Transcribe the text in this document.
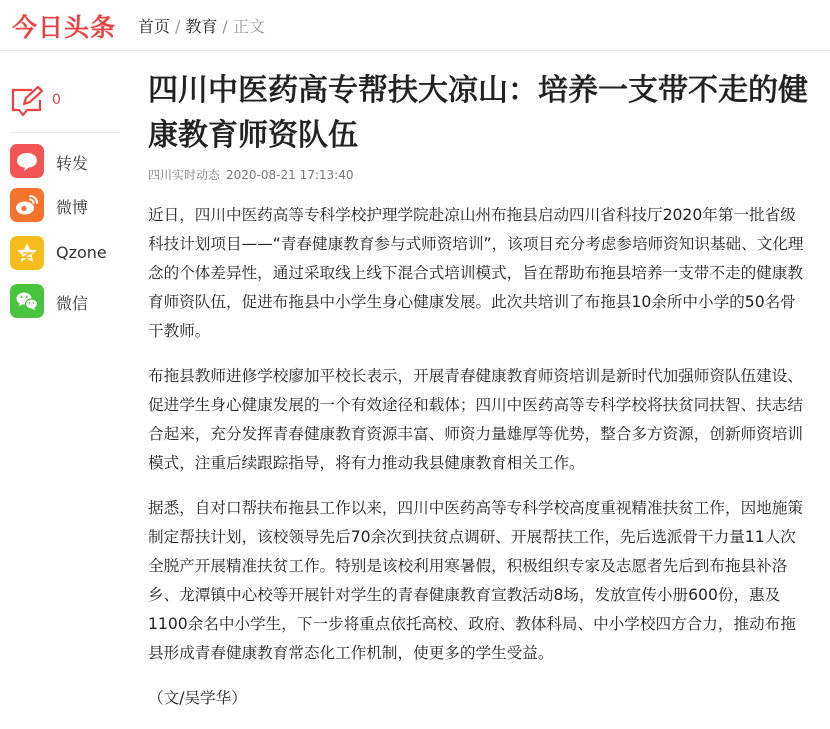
今日头条 首页 / 教育 / 正文
0
转发
微博
Qzone
微信
四川中医药高专帮扶大凉山：培养一支带不走的健康教育师资队伍
四川实时动态 2020-08-21 17:13:40

近日，四川中医药高等专科学校护理学院赴凉山州布拖县启动四川省科技厅2020年第一批省级科技计划项目——“青春健康教育参与式师资培训”，该项目充分考虑参培师资知识基础、文化理念的个体差异性，通过采取线上线下混合式培训模式，旨在帮助布拖县培养一支带不走的健康教育师资队伍，促进布拖县中小学生身心健康发展。此次共培训了布拖县10余所中小学的50名骨干教师。

布拖县教师进修学校廖加平校长表示，开展青春健康教育师资培训是新时代加强师资队伍建设、促进学生身心健康发展的一个有效途径和载体；四川中医药高等专科学校将扶贫同扶智、扶志结合起来，充分发挥青春健康教育资源丰富、师资力量雄厚等优势，整合多方资源，创新师资培训模式，注重后续跟踪指导，将有力推动我县健康教育相关工作。

据悉，自对口帮扶布拖县工作以来，四川中医药高等专科学校高度重视精准扶贫工作，因地施策制定帮扶计划，该校领导先后70余次到扶贫点调研、开展帮扶工作，先后选派骨干力量11人次全脱产开展精准扶贫工作。特别是该校利用寒暑假，积极组织专家及志愿者先后到布拖县补洛乡、龙潭镇中心校等开展针对学生的青春健康教育宣教活动8场，发放宣传小册600份，惠及1100余名中小学生，下一步将重点依托高校、政府、教体科局、中小学校四方合力，推动布拖县形成青春健康教育常态化工作机制，使更多的学生受益。

（文/吴学华）
